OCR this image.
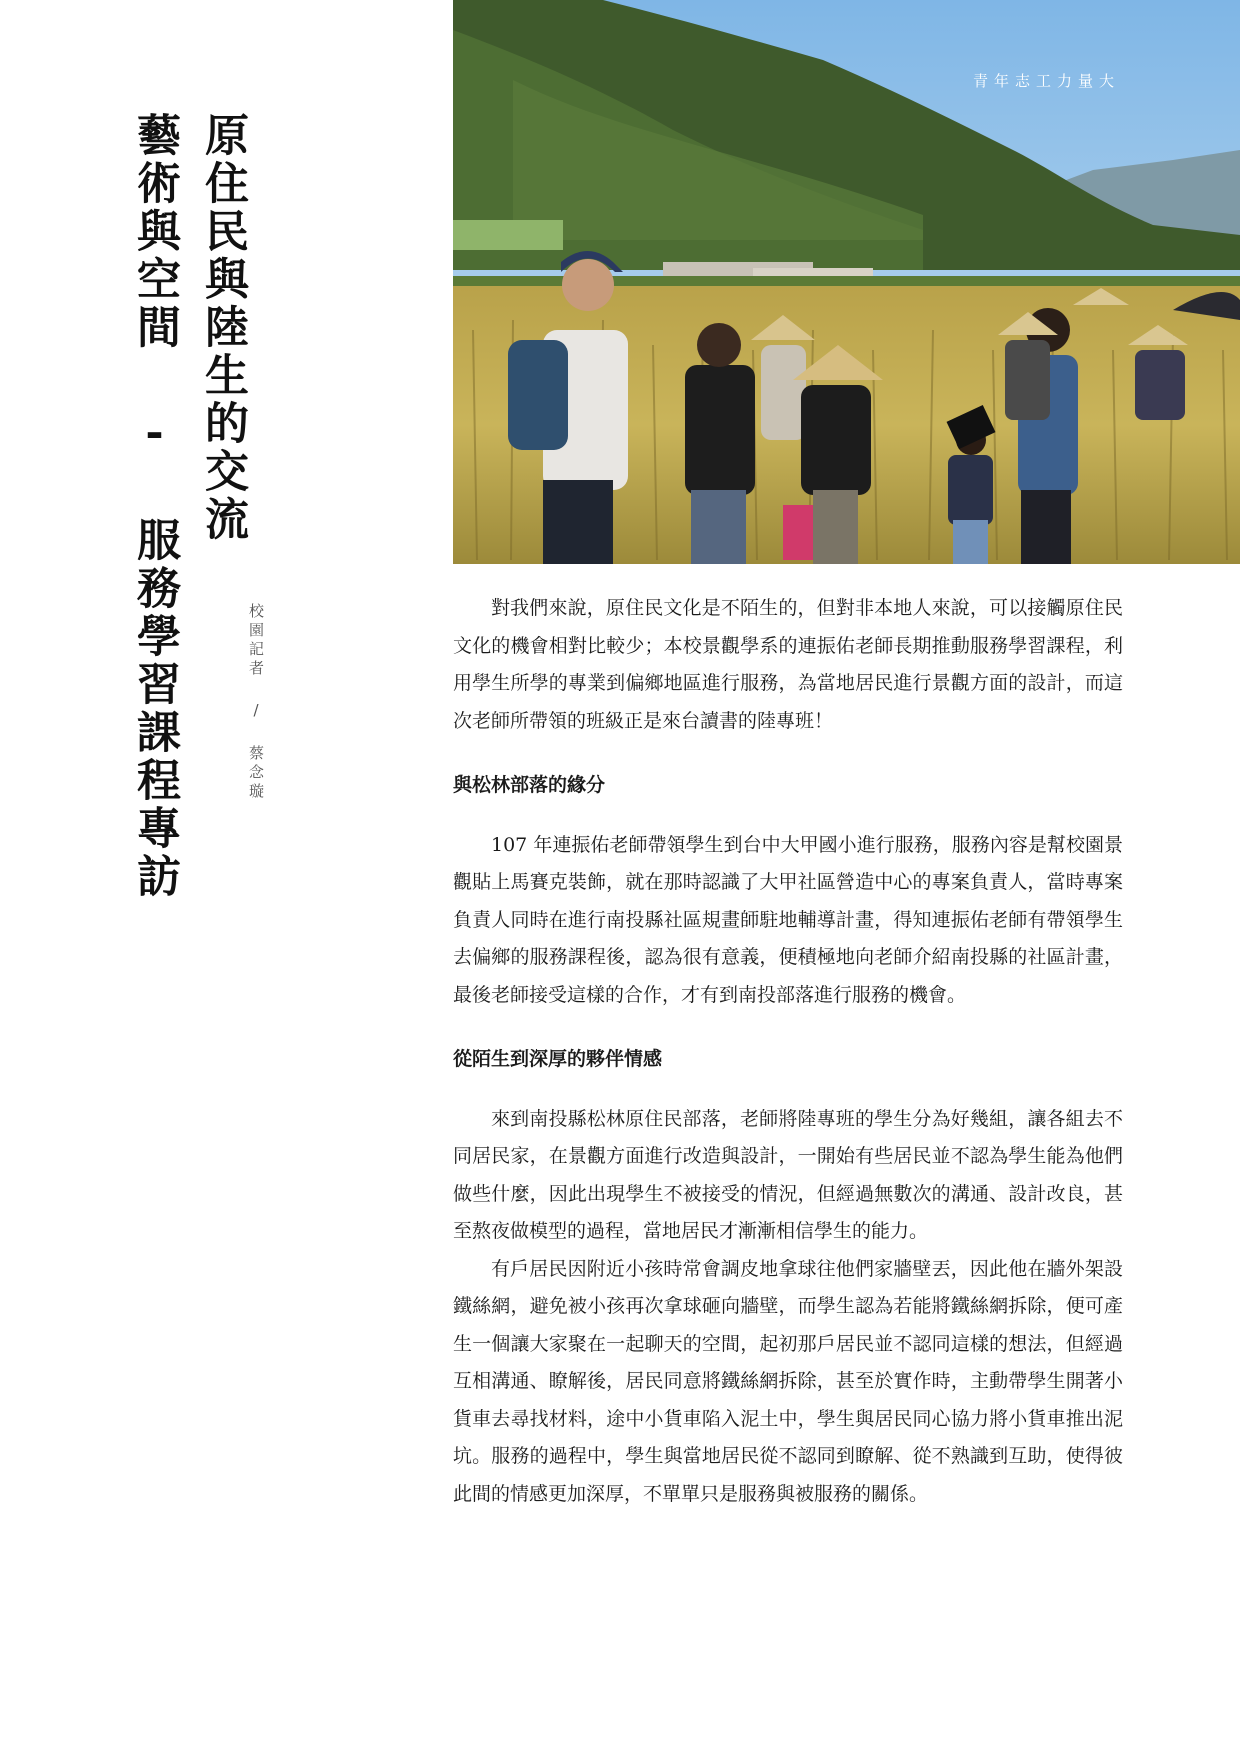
原住民與陸生的交流
藝術與空間 - 服務學習課程專訪	校園記者 / 蔡念璇
青年志工力量大

對我們來說，原住民文化是不陌生的，但對非本地人來說，可以接觸原住民文化的機會相對比較少；本校景觀學系的連振佑老師長期推動服務學習課程，利用學生所學的專業到偏鄉地區進行服務，為當地居民進行景觀方面的設計，而這次老師所帶領的班級正是來台讀書的陸專班！

與松林部落的緣分

107 年連振佑老師帶領學生到台中大甲國小進行服務，服務內容是幫校園景觀貼上馬賽克裝飾，就在那時認識了大甲社區營造中心的專案負責人，當時專案負責人同時在進行南投縣社區規畫師駐地輔導計畫，得知連振佑老師有帶領學生去偏鄉的服務課程後，認為很有意義，便積極地向老師介紹南投縣的社區計畫，最後老師接受這樣的合作，才有到南投部落進行服務的機會。

從陌生到深厚的夥伴情感

來到南投縣松林原住民部落，老師將陸專班的學生分為好幾組，讓各組去不同居民家，在景觀方面進行改造與設計，一開始有些居民並不認為學生能為他們做些什麼，因此出現學生不被接受的情況，但經過無數次的溝通、設計改良，甚至熬夜做模型的過程，當地居民才漸漸相信學生的能力。

有戶居民因附近小孩時常會調皮地拿球往他們家牆壁丟，因此他在牆外架設鐵絲網，避免被小孩再次拿球砸向牆壁，而學生認為若能將鐵絲網拆除，便可產生一個讓大家聚在一起聊天的空間，起初那戶居民並不認同這樣的想法，但經過互相溝通、瞭解後，居民同意將鐵絲網拆除，甚至於實作時，主動帶學生開著小貨車去尋找材料，途中小貨車陷入泥土中，學生與居民同心協力將小貨車推出泥坑。服務的過程中，學生與當地居民從不認同到瞭解、從不熟識到互助，使得彼此間的情感更加深厚，不單單只是服務與被服務的關係。
